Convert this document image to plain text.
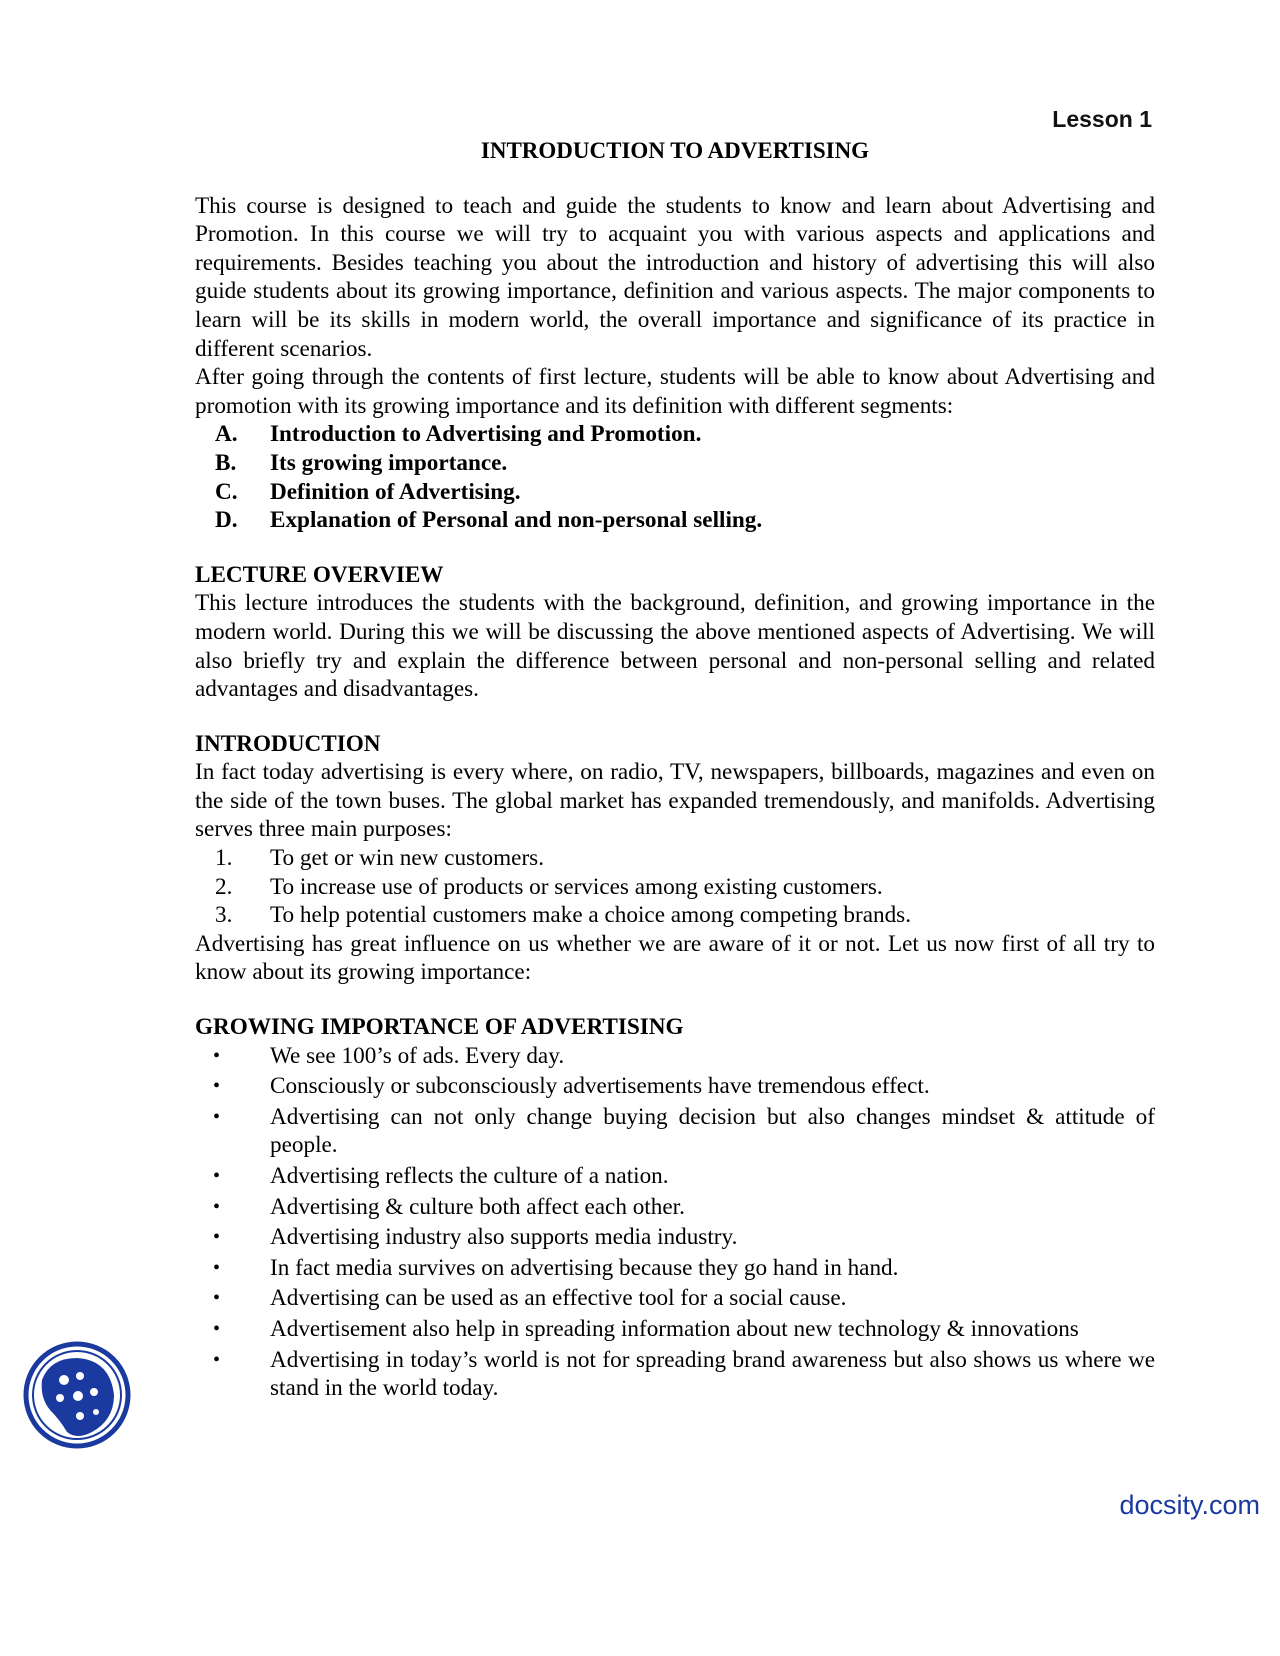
Lesson 1

INTRODUCTION TO ADVERTISING

This course is designed to teach and guide the students to know and learn about Advertising and Promotion. In this course we will try to acquaint you with various aspects and applications and requirements. Besides teaching you about the introduction and history of advertising this will also guide students about its growing importance, definition and various aspects. The major components to learn will be its skills in modern world, the overall importance and significance of its practice in different scenarios.

After going through the contents of first lecture, students will be able to know about Advertising and promotion with its growing importance and its definition with different segments:

A. Introduction to Advertising and Promotion.
B. Its growing importance.
C. Definition of Advertising.
D. Explanation of Personal and non-personal selling.

LECTURE OVERVIEW

This lecture introduces the students with the background, definition, and growing importance in the modern world. During this we will be discussing the above mentioned aspects of Advertising. We will also briefly try and explain the difference between personal and non-personal selling and related advantages and disadvantages.

INTRODUCTION

In fact today advertising is every where, on radio, TV, newspapers, billboards, magazines and even on the side of the town buses. The global market has expanded tremendously, and manifolds. Advertising serves three main purposes:

1. To get or win new customers.
2. To increase use of products or services among existing customers.
3. To help potential customers make a choice among competing brands.

Advertising has great influence on us whether we are aware of it or not. Let us now first of all try to know about its growing importance:

GROWING IMPORTANCE OF ADVERTISING

• We see 100’s of ads. Every day.
• Consciously or subconsciously advertisements have tremendous effect.
• Advertising can not only change buying decision but also changes mindset & attitude of people.
• Advertising reflects the culture of a nation.
• Advertising & culture both affect each other.
• Advertising industry also supports media industry.
• In fact media survives on advertising because they go hand in hand.
• Advertising can be used as an effective tool for a social cause.
• Advertisement also help in spreading information about new technology & innovations
• Advertising in today’s world is not for spreading brand awareness but also shows us where we stand in the world today.
docsity.com
